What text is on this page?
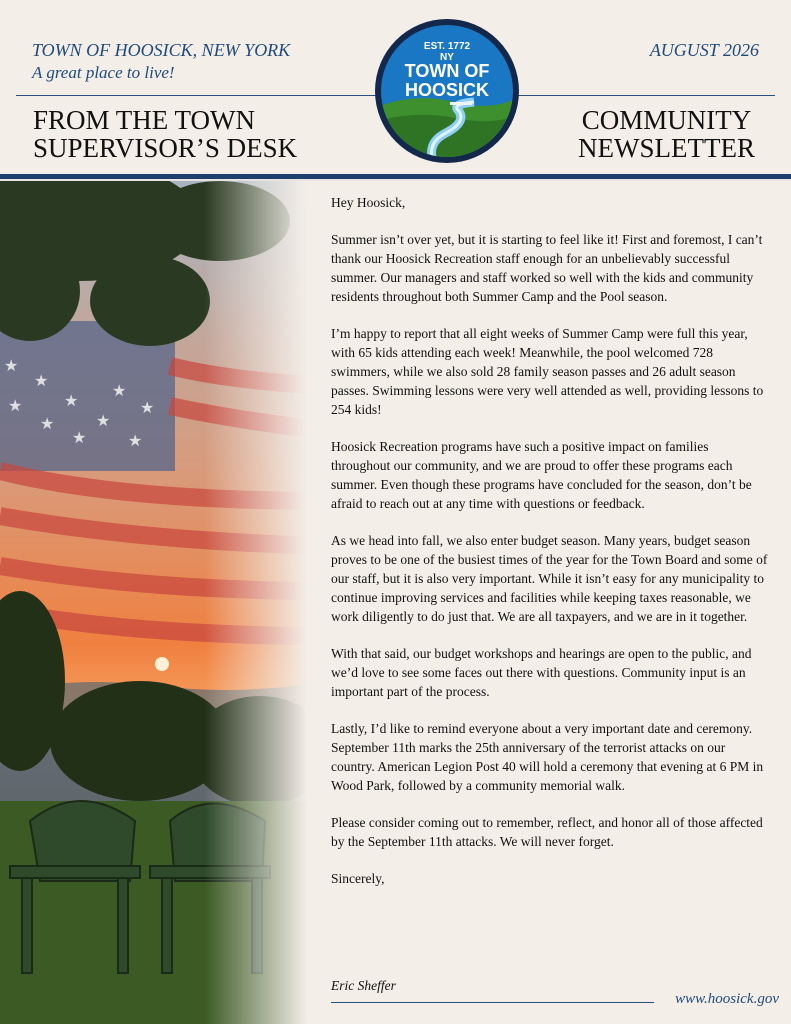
TOWN OF HOOSICK, NEW YORK
A great place to live!
AUGUST 2026
FROM THE TOWN
SUPERVISOR’S DESK
COMMUNITY
NEWSLETTER
EST. 1772
NY
TOWN OF
HOOSICK

Hey Hoosick,

Summer isn’t over yet, but it is starting to feel like it! First and foremost, I can’t thank our Hoosick Recreation staff enough for an unbelievably successful summer. Our managers and staff worked so well with the kids and community residents throughout both Summer Camp and the Pool season.

I’m happy to report that all eight weeks of Summer Camp were full this year, with 65 kids attending each week! Meanwhile, the pool welcomed 728 swimmers, while we also sold 28 family season passes and 26 adult season passes. Swimming lessons were very well attended as well, providing lessons to 254 kids!

Hoosick Recreation programs have such a positive impact on families throughout our community, and we are proud to offer these programs each summer. Even though these programs have concluded for the season, don’t be afraid to reach out at any time with questions or feedback.

As we head into fall, we also enter budget season. Many years, budget season proves to be one of the busiest times of the year for the Town Board and some of our staff, but it is also very important. While it isn’t easy for any municipality to continue improving services and facilities while keeping taxes reasonable, we work diligently to do just that. We are all taxpayers, and we are in it together.

With that said, our budget workshops and hearings are open to the public, and we’d love to see some faces out there with questions. Community input is an important part of the process.

Lastly, I’d like to remind everyone about a very important date and ceremony. September 11th marks the 25th anniversary of the terrorist attacks on our country. American Legion Post 40 will hold a ceremony that evening at 6 PM in Wood Park, followed by a community memorial walk.

Please consider coming out to remember, reflect, and honor all of those affected by the September 11th attacks. We will never forget.

Sincerely,

Eric Sheffer
www.hoosick.gov
